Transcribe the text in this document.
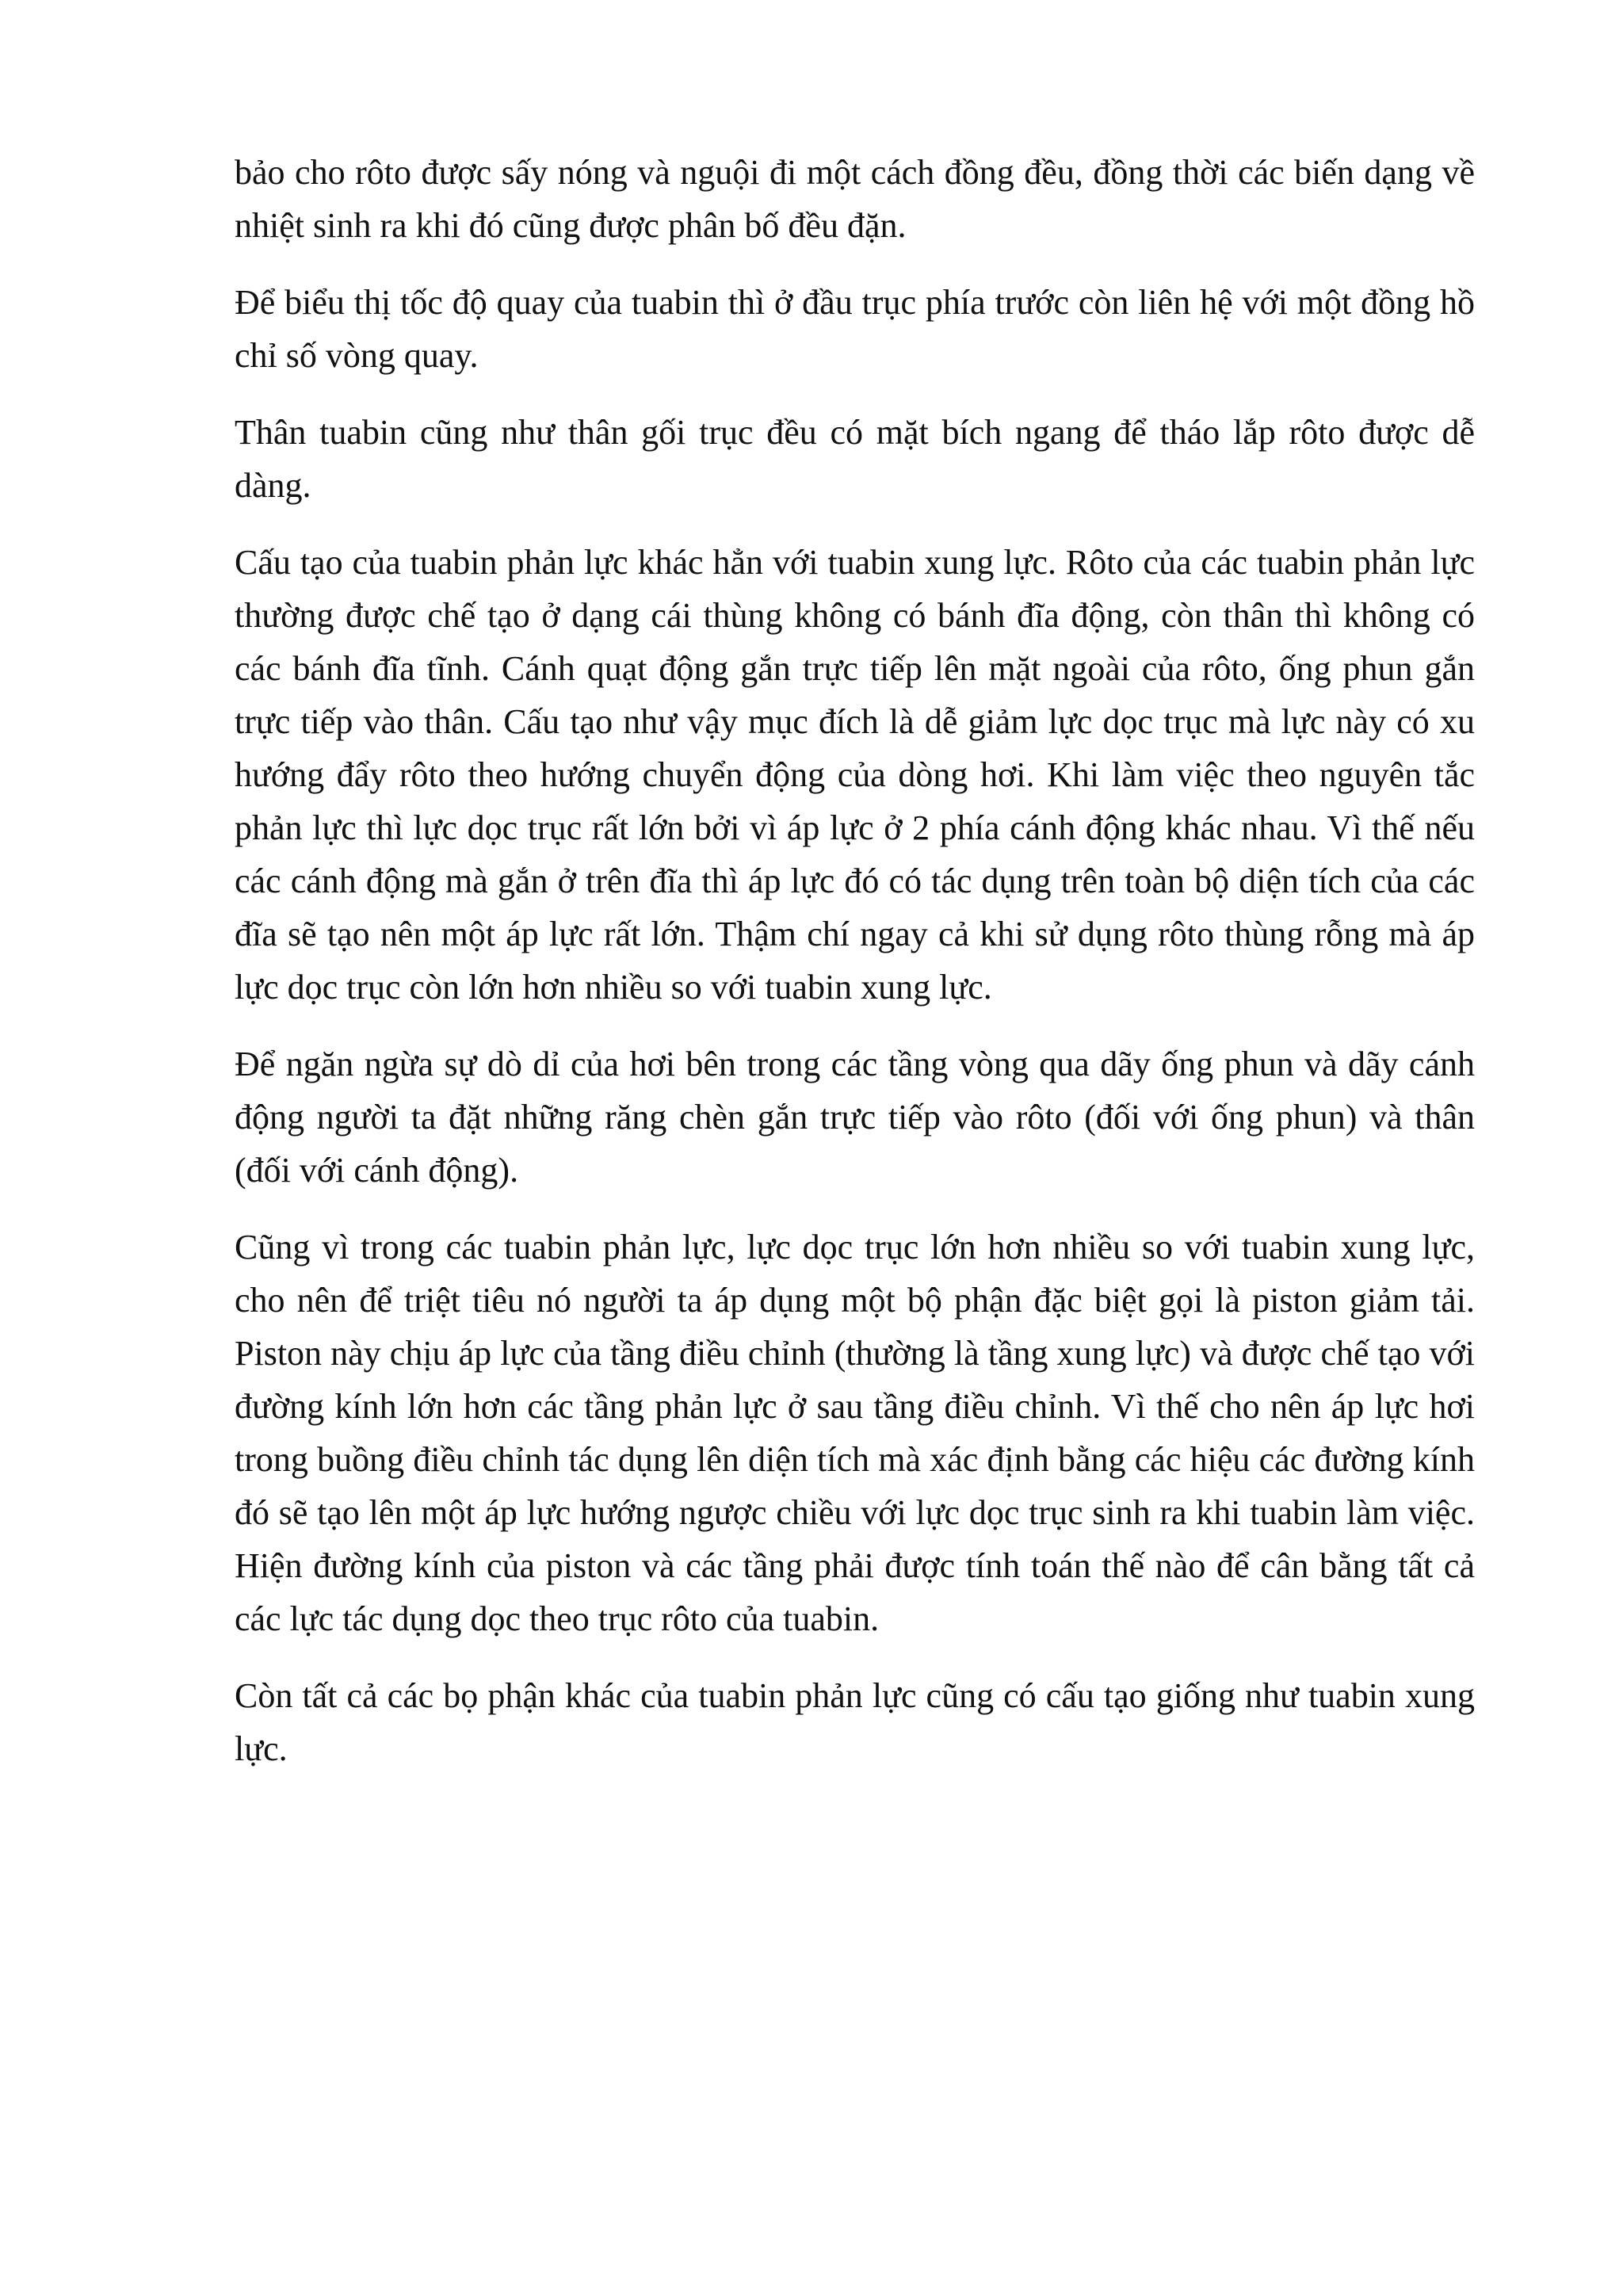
bảo cho rôto được sấy nóng và nguội đi một cách đồng đều, đồng thời các biến dạng về nhiệt sinh ra khi đó cũng được phân bố đều đặn.

Để biểu thị tốc độ quay của tuabin thì ở đầu trục phía trước còn liên hệ với một đồng hồ chỉ số vòng quay.

Thân tuabin cũng như thân gối trục đều có mặt bích ngang để tháo lắp rôto được dễ dàng.

Cấu tạo của tuabin phản lực khác hẳn với tuabin xung lực. Rôto của các tuabin phản lực thường được chế tạo ở dạng cái thùng không có bánh đĩa động, còn thân thì không có các bánh đĩa tĩnh. Cánh quạt động gắn trực tiếp lên mặt ngoài của rôto, ống phun gắn trực tiếp vào thân. Cấu tạo như vậy mục đích là dễ giảm lực dọc trục mà lực này có xu hướng đẩy rôto theo hướng chuyển động của dòng hơi. Khi làm việc theo nguyên tắc phản lực thì lực dọc trục rất lớn bởi vì áp lực ở 2 phía cánh động khác nhau. Vì thế nếu các cánh động mà gắn ở trên đĩa thì áp lực đó có tác dụng trên toàn bộ diện tích của các đĩa sẽ tạo nên một áp lực rất lớn. Thậm chí ngay cả khi sử dụng rôto thùng rỗng mà áp lực dọc trục còn lớn hơn nhiều so với tuabin xung lực.

Để ngăn ngừa sự dò dỉ của hơi bên trong các tầng vòng qua dãy ống phun và dãy cánh động người ta đặt những răng chèn gắn trực tiếp vào rôto (đối với ống phun) và thân (đối với cánh động).

Cũng vì trong các tuabin phản lực, lực dọc trục lớn hơn nhiều so với tuabin xung lực, cho nên để triệt tiêu nó người ta áp dụng một bộ phận đặc biệt gọi là piston giảm tải. Piston này chịu áp lực của tầng điều chỉnh (thường là tầng xung lực) và được chế tạo với đường kính lớn hơn các tầng phản lực ở sau tầng điều chỉnh. Vì thế cho nên áp lực hơi trong buồng điều chỉnh tác dụng lên diện tích mà xác định bằng các hiệu các đường kính đó sẽ tạo lên một áp lực hướng ngược chiều với lực dọc trục sinh ra khi tuabin làm việc. Hiện đường kính của piston và các tầng phải được tính toán thế nào để cân bằng tất cả các lực tác dụng dọc theo trục rôto của tuabin.

Còn tất cả các bọ phận khác của tuabin phản lực cũng có cấu tạo giống như tuabin xung lực.
